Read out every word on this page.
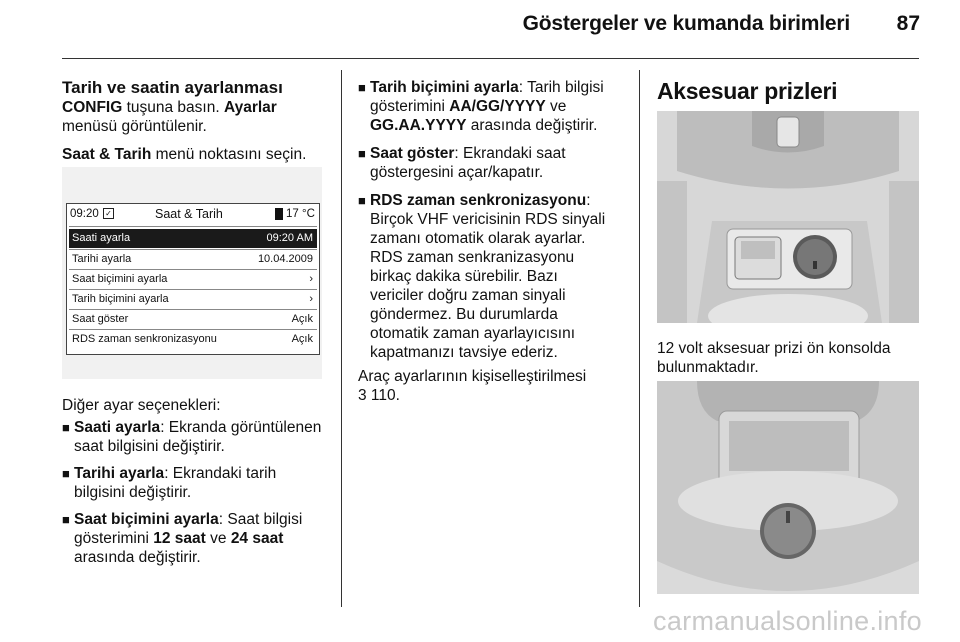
Göstergeler ve kumanda birimleri	87
Tarih ve saatin ayarlanması

CONFIG tuşuna basın. Ayarlar

menüsü görüntülenir.

Saat & Tarih menü noktasını seçin.

09:20 ✓	Saat & Tarih	17 °C
Saati ayarla	09:20 AM
Tarihi ayarla	10.04.2009
Saat biçimini ayarla	›
Tarih biçimini ayarla	›
Saat göster	Açık
RDS zaman senkronizasyonu	Açık

Diğer ayar seçenekleri:

■ Saati ayarla: Ekranda görüntülenen

saat bilgisini değiştirir.

■ Tarihi ayarla: Ekrandaki tarih

bilgisini değiştirir.

■ Saat biçimini ayarla: Saat bilgisi

gösterimini 12 saat ve 24 saat

arasında değiştirir.

■ Tarih biçimini ayarla: Tarih bilgisi

gösterimini AA/GG/YYYY ve

GG.AA.YYYY arasında değiştirir.

■ Saat göster: Ekrandaki saat

göstergesini açar/kapatır.

■ RDS zaman senkronizasyonu:

Birçok VHF vericisinin RDS sinyali

zamanı otomatik olarak ayarlar.

RDS zaman senkranizasyonu

birkaç dakika sürebilir. Bazı

vericiler doğru zaman sinyali

göndermez. Bu durumlarda

otomatik zaman ayarlayıcısını

kapatmanızı tavsiye ederiz.

Araç ayarlarının kişiselleştirilmesi

3 110.

Aksesuar prizleri

12 volt aksesuar prizi ön konsolda

bulunmaktadır.

carmanualsonline.info
